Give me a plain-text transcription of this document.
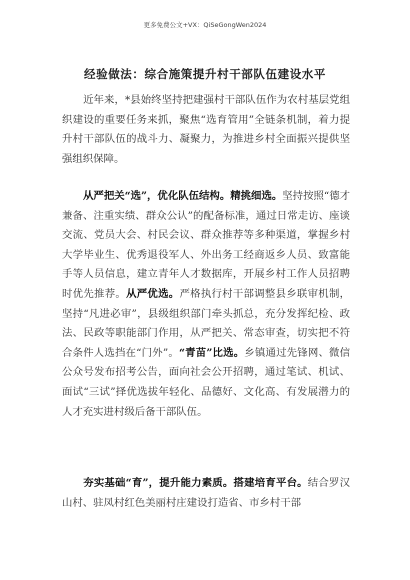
更多免费公文+VX：QiSeGongWen2024
经验做法：综合施策提升村干部队伍建设水平

近年来，*县始终坚持把建强村干部队伍作为农村基层党组织建设的重要任务来抓，聚焦“选育管用”全链条机制，着力提升村干部队伍的战斗力、凝聚力，为推进乡村全面振兴提供坚强组织保障。

从严把关“选”，优化队伍结构。精挑细选。坚持按照“德才兼备、注重实绩、群众公认”的配备标准，通过日常走访、座谈交流、党员大会、村民会议、群众推荐等多种渠道，掌握乡村大学毕业生、优秀退役军人、外出务工经商返乡人员、致富能手等人员信息，建立青年人才数据库，开展乡村工作人员招聘时优先推荐。从严优选。严格执行村干部调整县乡联审机制，坚持“凡进必审”，县级组织部门牵头抓总，充分发挥纪检、政法、民政等职能部门作用，从严把关、常态审查，切实把不符合条件人选挡在“门外”。“青苗”比选。乡镇通过先锋网、微信公众号发布招考公告，面向社会公开招聘，通过笔试、机试、面试“三试”择优选拔年轻化、品德好、文化高、有发展潜力的人才充实进村级后备干部队伍。

夯实基础“育”，提升能力素质。搭建培育平台。结合罗汉山村、驻凤村红色美丽村庄建设打造省、市乡村干部
